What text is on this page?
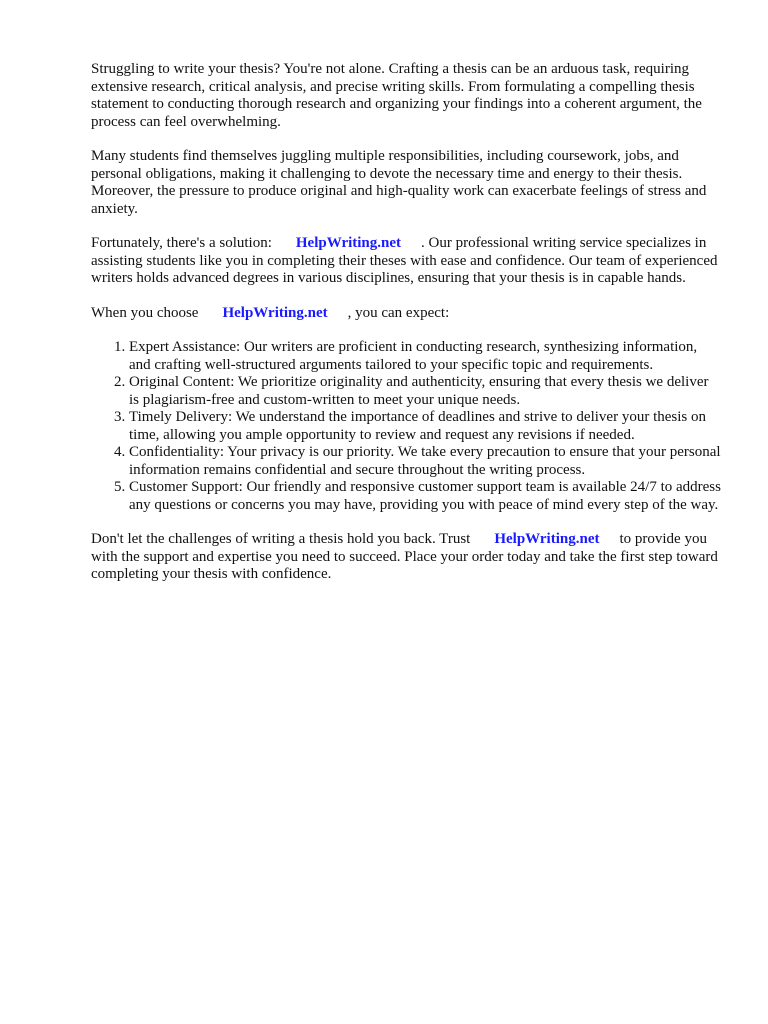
Struggling to write your thesis? You're not alone. Crafting a thesis can be an arduous task, requiring extensive research, critical analysis, and precise writing skills. From formulating a compelling thesis statement to conducting thorough research and organizing your findings into a coherent argument, the process can feel overwhelming.

Many students find themselves juggling multiple responsibilities, including coursework, jobs, and personal obligations, making it challenging to devote the necessary time and energy to their thesis. Moreover, the pressure to produce original and high-quality work can exacerbate feelings of stress and anxiety.

Fortunately, there's a solution: HelpWriting.net . Our professional writing service specializes in assisting students like you in completing their theses with ease and confidence. Our team of experienced writers holds advanced degrees in various disciplines, ensuring that your thesis is in capable hands.

When you choose HelpWriting.net , you can expect:

1. Expert Assistance: Our writers are proficient in conducting research, synthesizing information, and crafting well-structured arguments tailored to your specific topic and requirements.
2. Original Content: We prioritize originality and authenticity, ensuring that every thesis we deliver is plagiarism-free and custom-written to meet your unique needs.
3. Timely Delivery: We understand the importance of deadlines and strive to deliver your thesis on time, allowing you ample opportunity to review and request any revisions if needed.
4. Confidentiality: Your privacy is our priority. We take every precaution to ensure that your personal information remains confidential and secure throughout the writing process.
5. Customer Support: Our friendly and responsive customer support team is available 24/7 to address any questions or concerns you may have, providing you with peace of mind every step of the way.

Don't let the challenges of writing a thesis hold you back. Trust HelpWriting.net to provide you with the support and expertise you need to succeed. Place your order today and take the first step toward completing your thesis with confidence.
